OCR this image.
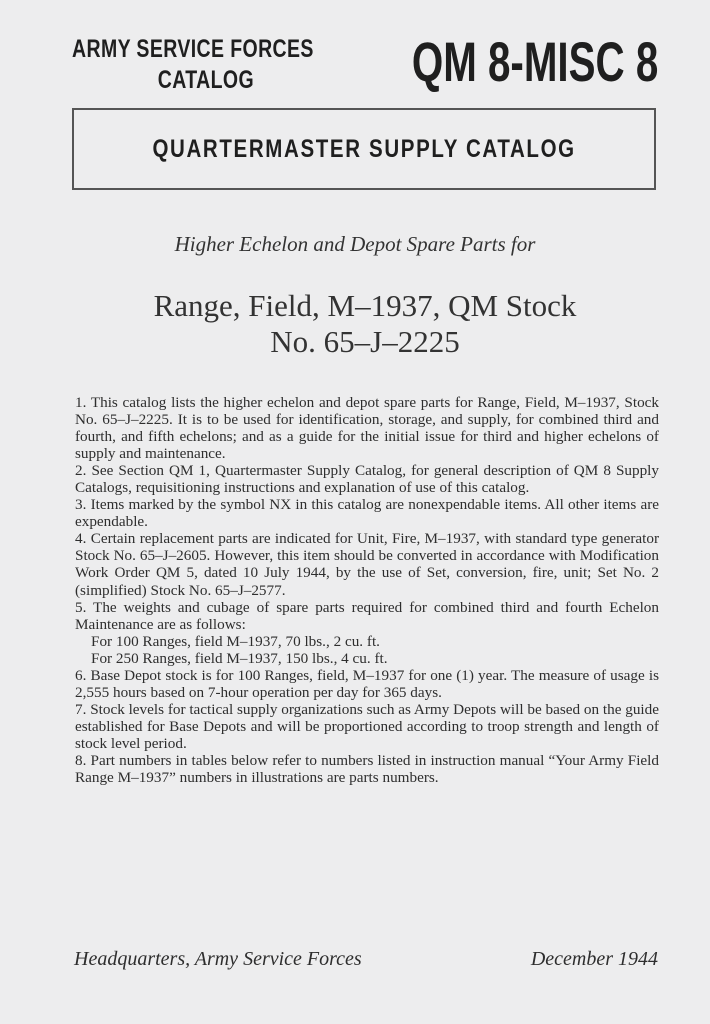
ARMY SERVICE FORCES
CATALOG	QM 8-MISC 8
QUARTERMASTER SUPPLY CATALOG
Higher Echelon and Depot Spare Parts for
Range, Field, M–1937, QM Stock
No. 65–J–2225

1. This catalog lists the higher echelon and depot spare parts for Range, Field, M–1937, Stock No. 65–J–2225. It is to be used for identification, storage, and supply, for combined third and fourth, and fifth echelons; and as a guide for the initial issue for third and higher echelons of supply and maintenance.

2. See Section QM 1, Quartermaster Supply Catalog, for general description of QM 8 Supply Catalogs, requisitioning instructions and explanation of use of this catalog.

3. Items marked by the symbol NX in this catalog are nonexpendable items. All other items are expendable.

4. Certain replacement parts are indicated for Unit, Fire, M–1937, with standard type generator Stock No. 65–J–2605. However, this item should be converted in accordance with Modification Work Order QM 5, dated 10 July 1944, by the use of Set, conversion, fire, unit; Set No. 2 (simplified) Stock No. 65–J–2577.

5. The weights and cubage of spare parts required for combined third and fourth Echelon Maintenance are as follows:

For 100 Ranges, field M–1937, 70 lbs., 2 cu. ft.

For 250 Ranges, field M–1937, 150 lbs., 4 cu. ft.

6. Base Depot stock is for 100 Ranges, field, M–1937 for one (1) year. The measure of usage is 2,555 hours based on 7-hour operation per day for 365 days.

7. Stock levels for tactical supply organizations such as Army Depots will be based on the guide established for Base Depots and will be proportioned according to troop strength and length of stock level period.

8. Part numbers in tables below refer to numbers listed in instruction manual “Your Army Field Range M–1937” numbers in illustrations are parts numbers.

Headquarters, Army Service Forces	December 1944
